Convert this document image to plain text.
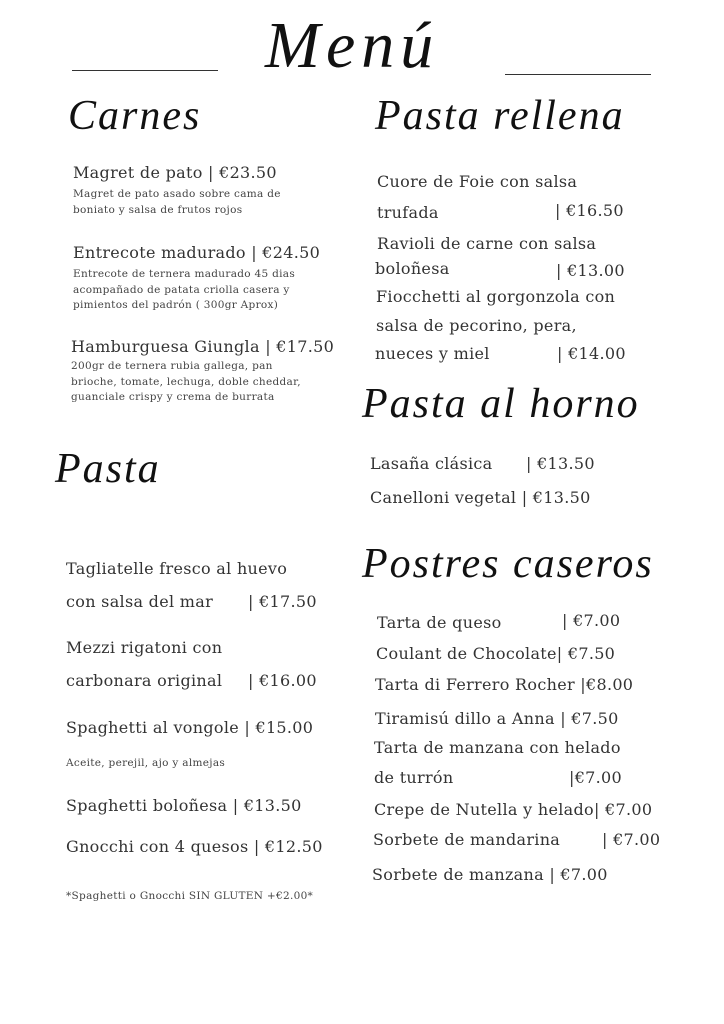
Menú
Carnes
Magret de pato | €23.50
Magret de pato asado sobre cama de
boniato y salsa de frutos rojos
Entrecote madurado | €24.50
Entrecote de ternera madurado 45 dias
acompañado de patata criolla casera y
pimientos del padrón ( 300gr Aprox)
Hamburguesa Giungla | €17.50
200gr de ternera rubia gallega, pan
brioche, tomate, lechuga, doble cheddar,
guanciale crispy y crema de burrata
Pasta
Tagliatelle fresco al huevo
con salsa del mar | €17.50
Mezzi rigatoni con
carbonara original | €16.00
Spaghetti al vongole | €15.00
Aceite, perejil, ajo y almejas
Spaghetti boloñesa | €13.50
Gnocchi con 4 quesos | €12.50
*Spaghetti o Gnocchi SIN GLUTEN +€2.00*
Pasta rellena
Cuore de Foie con salsa
trufada	| €16.50
Ravioli de carne con salsa
boloñesa	| €13.00
Fiocchetti al gorgonzola con
salsa de pecorino, pera,
nueces y miel	| €14.00
Pasta al horno
Lasaña clásica | €13.50
Canelloni vegetal | €13.50
Postres caseros
Tarta de queso	| €7.00
Coulant de Chocolate| €7.50
Tarta di Ferrero Rocher |€8.00
Tiramisú dillo a Anna | €7.50
Tarta de manzana con helado
de turrón	|€7.00
Crepe de Nutella y helado| €7.00
Sorbete de mandarina	| €7.00
Sorbete de manzana | €7.00
